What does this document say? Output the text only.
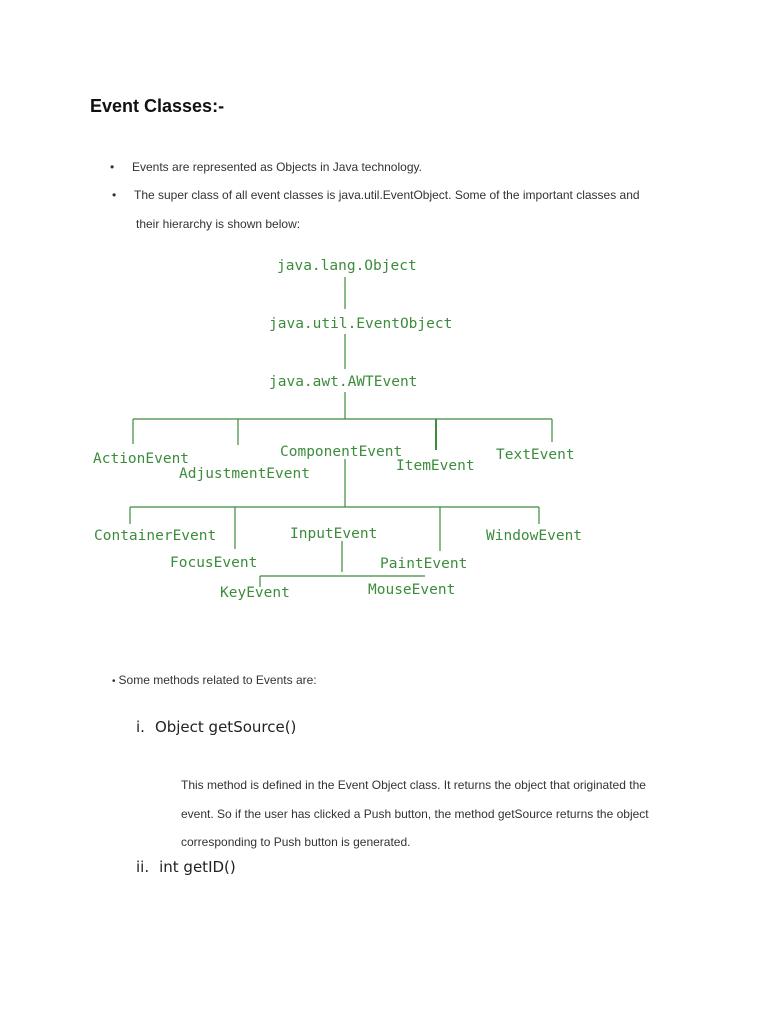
Event Classes:-
• Events are represented as Objects in Java technology.
• The super class of all event classes is java.util.EventObject. Some of the important classes and
their hierarchy is shown below:
java.lang.Object
java.util.EventObject
java.awt.AWTEvent
ActionEvent
AdjustmentEvent
ComponentEvent
ItemEvent
TextEvent
ContainerEvent
FocusEvent
InputEvent
PaintEvent
WindowEvent
KeyEvent	MouseEvent
• Some methods related to Events are:
i. Object getSource()
This method is defined in the Event Object class. It returns the object that originated the event. So if the user has clicked a Push button, the method getSource returns the object corresponding to Push button is generated.
ii. int getID()
